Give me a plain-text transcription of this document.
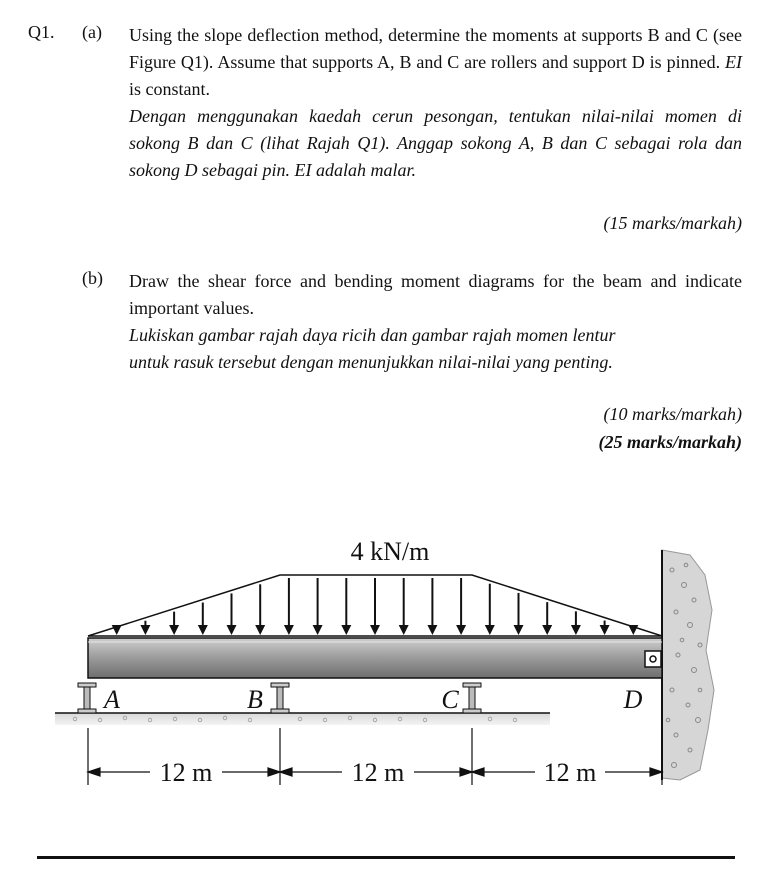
Q1. (a) Using the slope deflection method, determine the moments at supports B and C (see Figure Q1). Assume that supports A, B and C are rollers and support D is pinned. EI is constant.
Dengan menggunakan kaedah cerun pesongan, tentukan nilai-nilai momen di sokong B dan C (lihat Rajah Q1). Anggap sokong A, B dan C sebagai rola dan sokong D sebagai pin. EI adalah malar.
(15 marks/markah)
(b) Draw the shear force and bending moment diagrams for the beam and indicate important values.
Lukiskan gambar rajah daya ricih dan gambar rajah momen lentur
untuk rasuk tersebut dengan menunjukkan nilai-nilai yang penting.
(10 marks/markah)
(25 marks/markah)
4 kN/m
A	B	C	D
12 m	12 m	12 m
